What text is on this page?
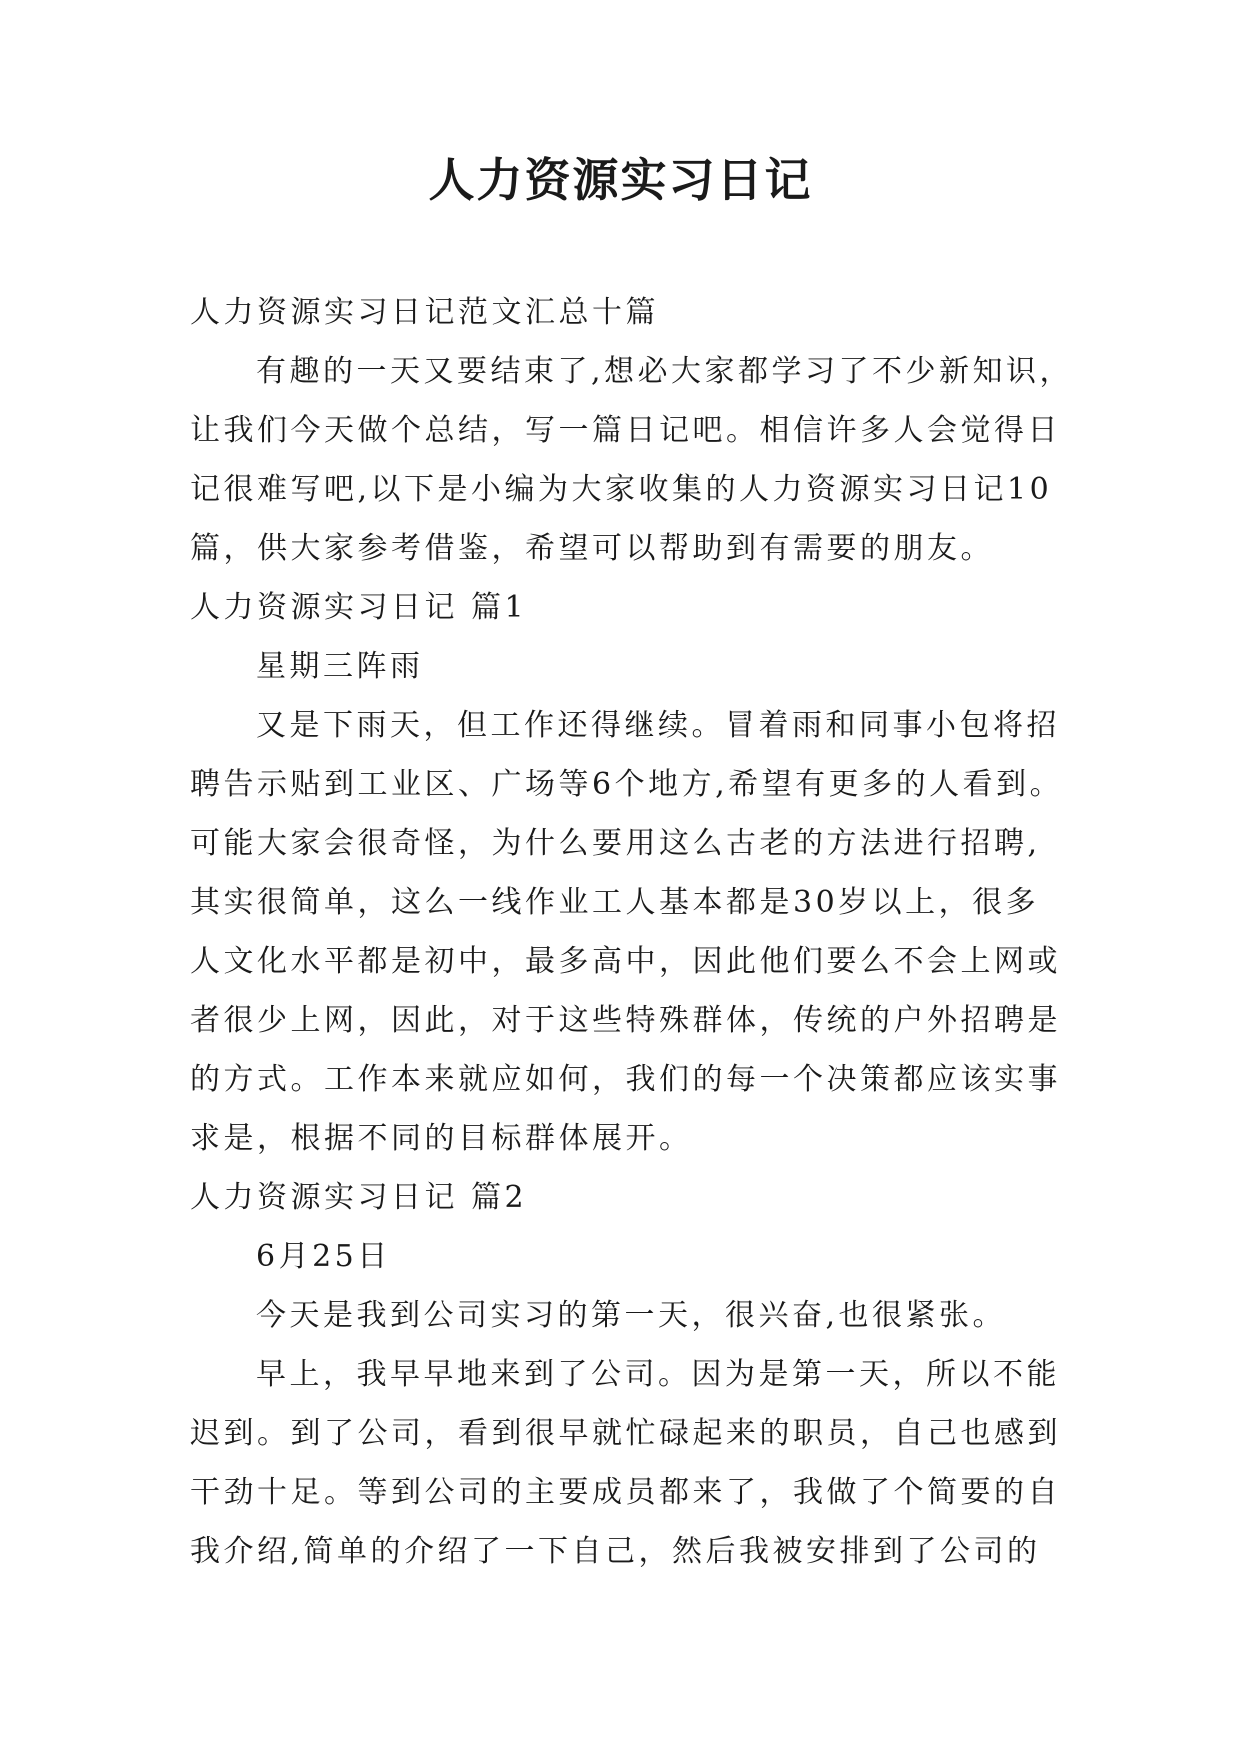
人力资源实习日记
人力资源实习日记范文汇总十篇
有趣的一天又要结束了,想必大家都学习了不少新知识，
让我们今天做个总结，写一篇日记吧。相信许多人会觉得日
记很难写吧,以下是小编为大家收集的人力资源实习日记10
篇，供大家参考借鉴，希望可以帮助到有需要的朋友。
人力资源实习日记 篇1
星期三阵雨
又是下雨天，但工作还得继续。冒着雨和同事小包将招
聘告示贴到工业区、广场等6个地方,希望有更多的人看到。
可能大家会很奇怪，为什么要用这么古老的方法进行招聘,
其实很简单，这么一线作业工人基本都是30岁以上，很多
人文化水平都是初中，最多高中，因此他们要么不会上网或
者很少上网，因此，对于这些特殊群体，传统的户外招聘是
的方式。工作本来就应如何，我们的每一个决策都应该实事
求是，根据不同的目标群体展开。
人力资源实习日记 篇2
6月25日
今天是我到公司实习的第一天，很兴奋,也很紧张。
早上，我早早地来到了公司。因为是第一天，所以不能
迟到。到了公司，看到很早就忙碌起来的职员，自己也感到
干劲十足。等到公司的主要成员都来了，我做了个简要的自
我介绍,简单的介绍了一下自己，然后我被安排到了公司的
